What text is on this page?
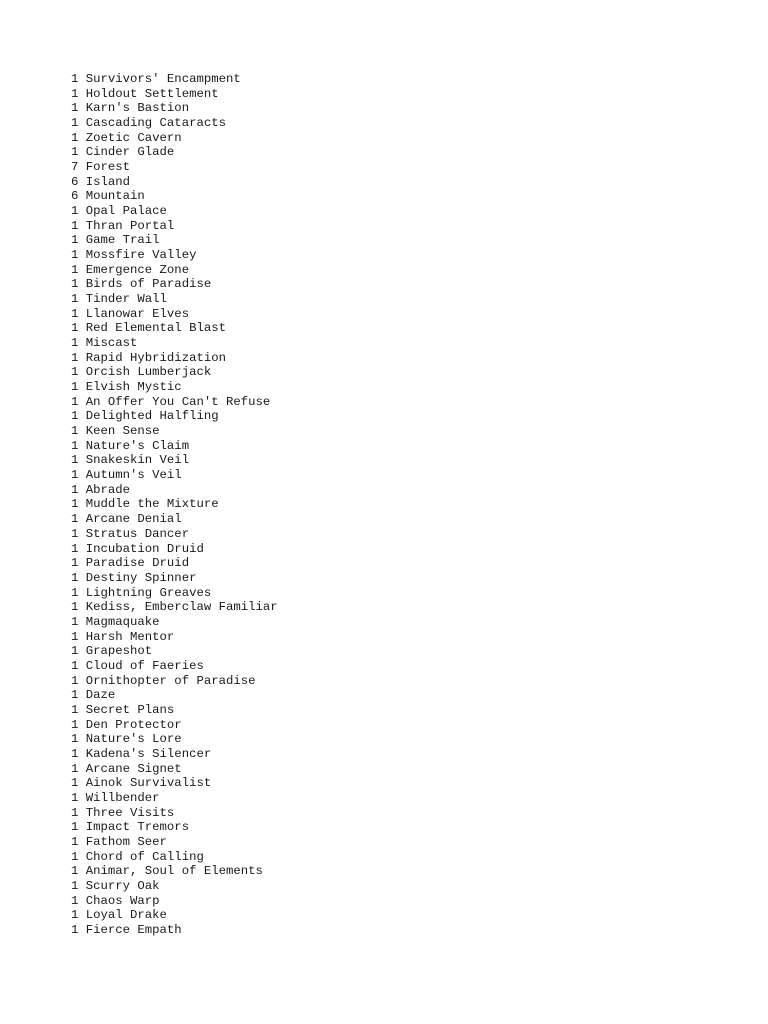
1 Survivors' Encampment
1 Holdout Settlement
1 Karn's Bastion
1 Cascading Cataracts
1 Zoetic Cavern
1 Cinder Glade
7 Forest
6 Island
6 Mountain
1 Opal Palace
1 Thran Portal
1 Game Trail
1 Mossfire Valley
1 Emergence Zone
1 Birds of Paradise
1 Tinder Wall
1 Llanowar Elves
1 Red Elemental Blast
1 Miscast
1 Rapid Hybridization
1 Orcish Lumberjack
1 Elvish Mystic
1 An Offer You Can't Refuse
1 Delighted Halfling
1 Keen Sense
1 Nature's Claim
1 Snakeskin Veil
1 Autumn's Veil
1 Abrade
1 Muddle the Mixture
1 Arcane Denial
1 Stratus Dancer
1 Incubation Druid
1 Paradise Druid
1 Destiny Spinner
1 Lightning Greaves
1 Kediss, Emberclaw Familiar
1 Magmaquake
1 Harsh Mentor
1 Grapeshot
1 Cloud of Faeries
1 Ornithopter of Paradise
1 Daze
1 Secret Plans
1 Den Protector
1 Nature's Lore
1 Kadena's Silencer
1 Arcane Signet
1 Ainok Survivalist
1 Willbender
1 Three Visits
1 Impact Tremors
1 Fathom Seer
1 Chord of Calling
1 Animar, Soul of Elements
1 Scurry Oak
1 Chaos Warp
1 Loyal Drake
1 Fierce Empath
